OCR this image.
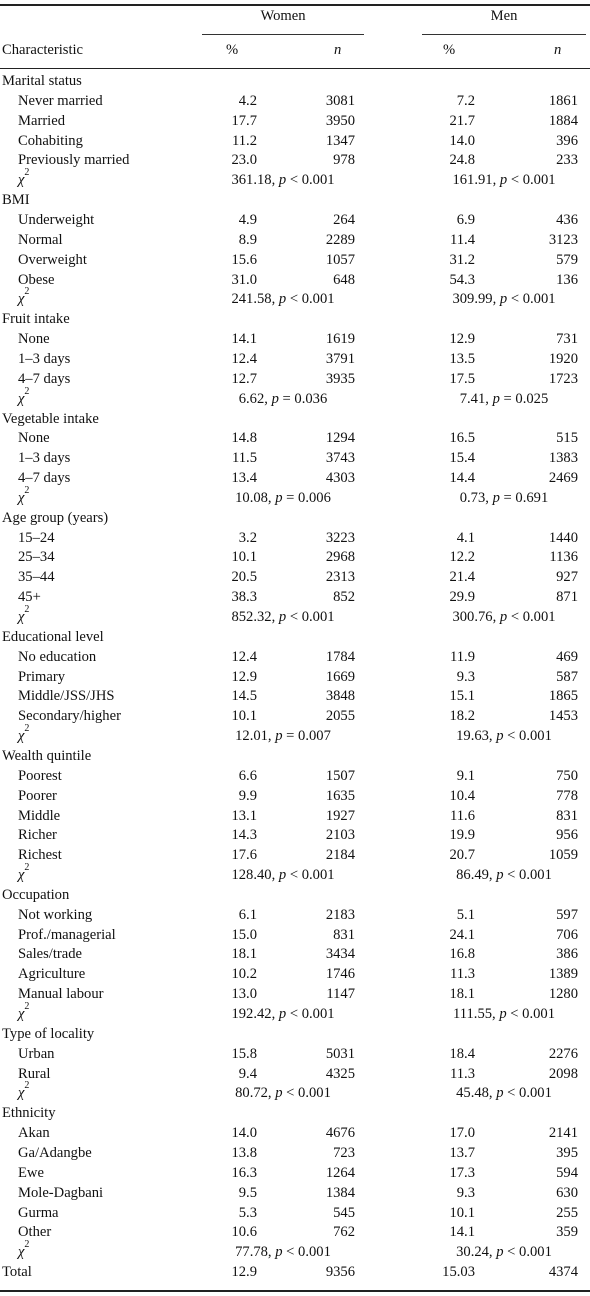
Women	Men
Characteristic	%	n	%	n
Marital status
Never married	4.2	3081	7.2	1861
Married	17.7	3950	21.7	1884
Cohabiting	11.2	1347	14.0	396
Previously married	23.0	978	24.8	233
$\chi^2$	361.18, p < 0.001	161.91, p < 0.001
BMI
Underweight	4.9	264	6.9	436
Normal	8.9	2289	11.4	3123
Overweight	15.6	1057	31.2	579
Obese	31.0	648	54.3	136
$\chi^2$	241.58, p < 0.001	309.99, p < 0.001
Fruit intake
None	14.1	1619	12.9	731
1–3 days	12.4	3791	13.5	1920
4–7 days	12.7	3935	17.5	1723
$\chi^2$	6.62, p = 0.036	7.41, p = 0.025
Vegetable intake
None	14.8	1294	16.5	515
1–3 days	11.5	3743	15.4	1383
4–7 days	13.4	4303	14.4	2469
$\chi^2$	10.08, p = 0.006	0.73, p = 0.691
Age group (years)
15–24	3.2	3223	4.1	1440
25–34	10.1	2968	12.2	1136
35–44	20.5	2313	21.4	927
45+	38.3	852	29.9	871
$\chi^2$	852.32, p < 0.001	300.76, p < 0.001
Educational level
No education	12.4	1784	11.9	469
Primary	12.9	1669	9.3	587
Middle/JSS/JHS	14.5	3848	15.1	1865
Secondary/higher	10.1	2055	18.2	1453
$\chi^2$	12.01, p = 0.007	19.63, p < 0.001
Wealth quintile
Poorest	6.6	1507	9.1	750
Poorer	9.9	1635	10.4	778
Middle	13.1	1927	11.6	831
Richer	14.3	2103	19.9	956
Richest	17.6	2184	20.7	1059
$\chi^2$	128.40, p < 0.001	86.49, p < 0.001
Occupation
Not working	6.1	2183	5.1	597
Prof./managerial	15.0	831	24.1	706
Sales/trade	18.1	3434	16.8	386
Agriculture	10.2	1746	11.3	1389
Manual labour	13.0	1147	18.1	1280
$\chi^2$	192.42, p < 0.001	111.55, p < 0.001
Type of locality
Urban	15.8	5031	18.4	2276
Rural	9.4	4325	11.3	2098
$\chi^2$	80.72, p < 0.001	45.48, p < 0.001
Ethnicity
Akan	14.0	4676	17.0	2141
Ga/Adangbe	13.8	723	13.7	395
Ewe	16.3	1264	17.3	594
Mole-Dagbani	9.5	1384	9.3	630
Gurma	5.3	545	10.1	255
Other	10.6	762	14.1	359
$\chi^2$	77.78, p < 0.001	30.24, p < 0.001
Total	12.9	9356	15.03	4374
